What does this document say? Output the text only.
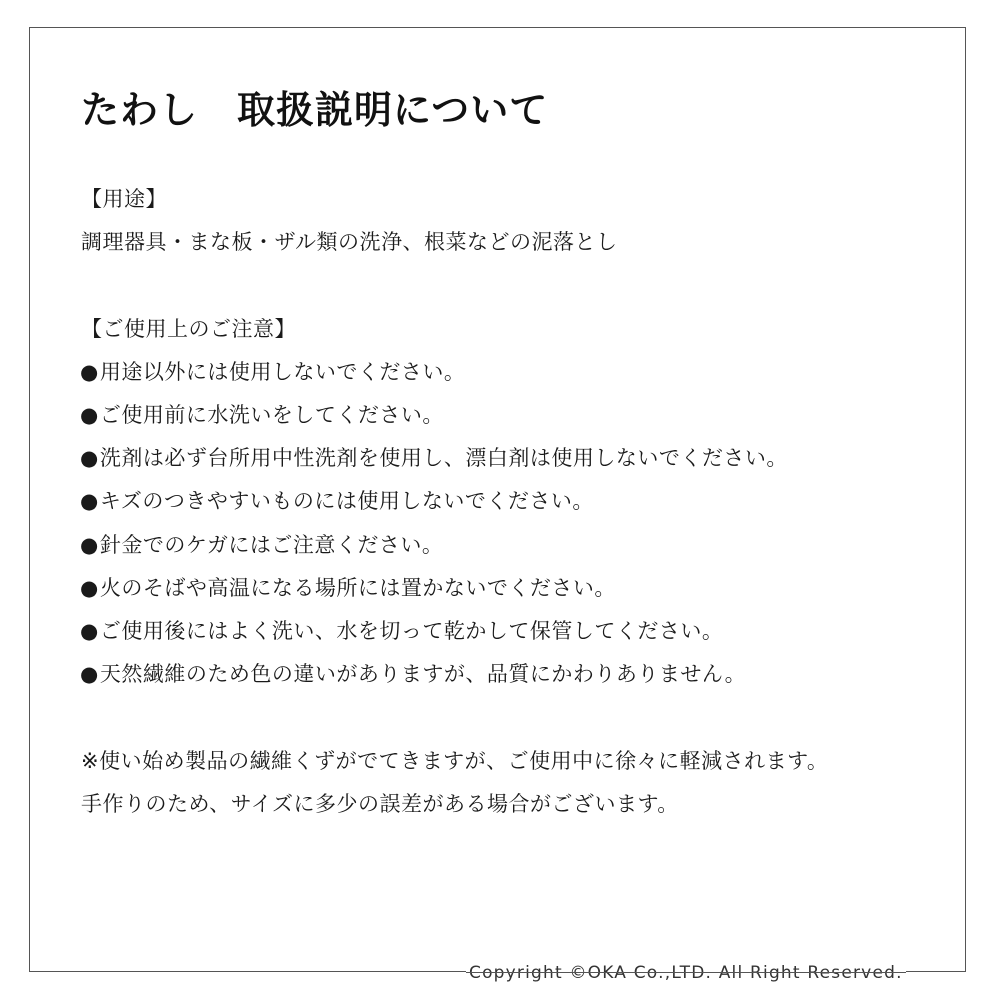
たわし　取扱説明について

【用途】

調理器具・まな板・ザル類の洗浄、根菜などの泥落とし

【ご使用上のご注意】

●用途以外には使用しないでください。

●ご使用前に水洗いをしてください。

●洗剤は必ず台所用中性洗剤を使用し、漂白剤は使用しないでください。

●キズのつきやすいものには使用しないでください。

●針金でのケガにはご注意ください。

●火のそばや高温になる場所には置かないでください。

●ご使用後にはよく洗い、水を切って乾かして保管してください。

●天然繊維のため色の違いがありますが、品質にかわりありません。

※使い始め製品の繊維くずがでてきますが、ご使用中に徐々に軽減されます。

手作りのため、サイズに多少の誤差がある場合がございます。

Copyright ©OKA Co.,LTD. All Right Reserved.
